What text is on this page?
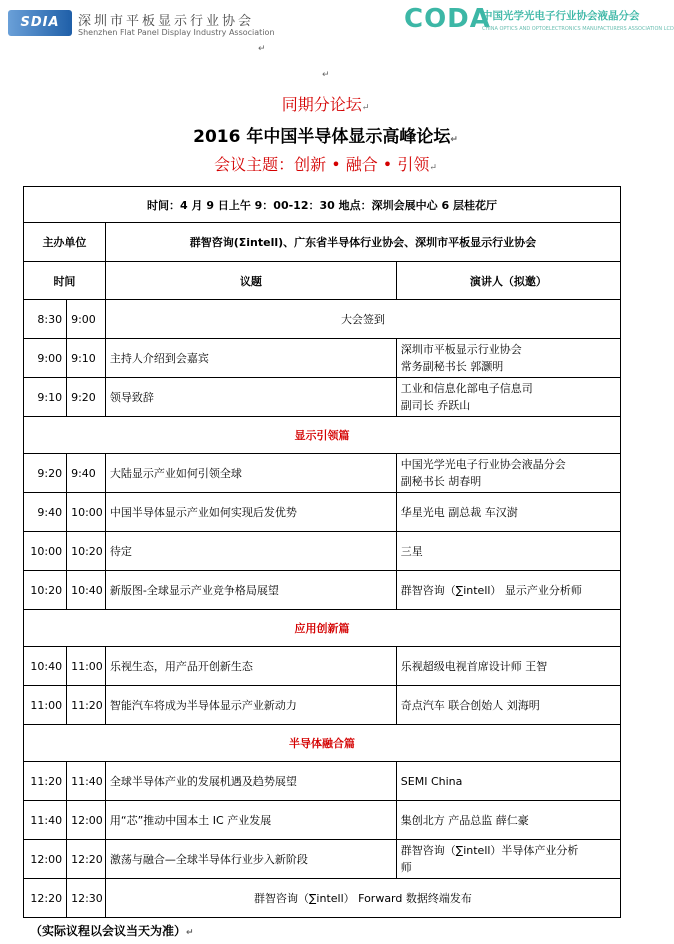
SDIA	深圳市平板显示行业协会
Shenzhen Flat Panel Display Industry Association	CODA
中国光学光电子行业协会液晶分会
CHINA OPTICS AND OPTOELECTRONICS MANUFACTURERS ASSOCIATION LCD
↵
↵
同期分论坛↵
2016 年中国半导体显示高峰论坛↵
会议主题：创新 • 融合 • 引领↵
时间：4 月 9 日上午 9：00-12：30 地点：深圳会展中心 6 层桂花厅			
主办单位		群智咨询(Σintell)、广东省半导体行业协会、深圳市平板显示行业协会	
时间		议题	演讲人（拟邀）
8:30	9:00	大会签到	
9:00	9:10	主持人介绍到会嘉宾	深圳市平板显示行业协会
常务副秘书长 郭灏明

9:10	9:20	领导致辞	工业和信息化部电子信息司
副司长 乔跃山

显示引领篇			
9:20	9:40	大陆显示产业如何引领全球	中国光学光电子行业协会液晶分会
副秘书长 胡春明

9:40	10:00	中国半导体显示产业如何实现后发优势	华星光电 副总裁 车汉澍

10:00	10:20	待定	三星

10:20	10:40	新版图-全球显示产业竞争格局展望	群智咨询（∑intell） 显示产业分析师

应用创新篇			
10:40	11:00	乐视生态，用产品开创新生态	乐视超级电视首席设计师 王智

11:00	11:20	智能汽车将成为半导体显示产业新动力	奇点汽车 联合创始人 刘海明

半导体融合篇			
11:20	11:40	全球半导体产业的发展机遇及趋势展望	SEMI China

11:40	12:00	用“芯”推动中国本土 IC 产业发展	集创北方 产品总监 薛仁豪

12:00	12:20	激荡与融合—全球半导体行业步入新阶段	群智咨询（∑intell）半导体产业分析
师

12:20	12:30	群智咨询（∑intell） Forward 数据终端发布	
（实际议程以会议当天为准）↵
